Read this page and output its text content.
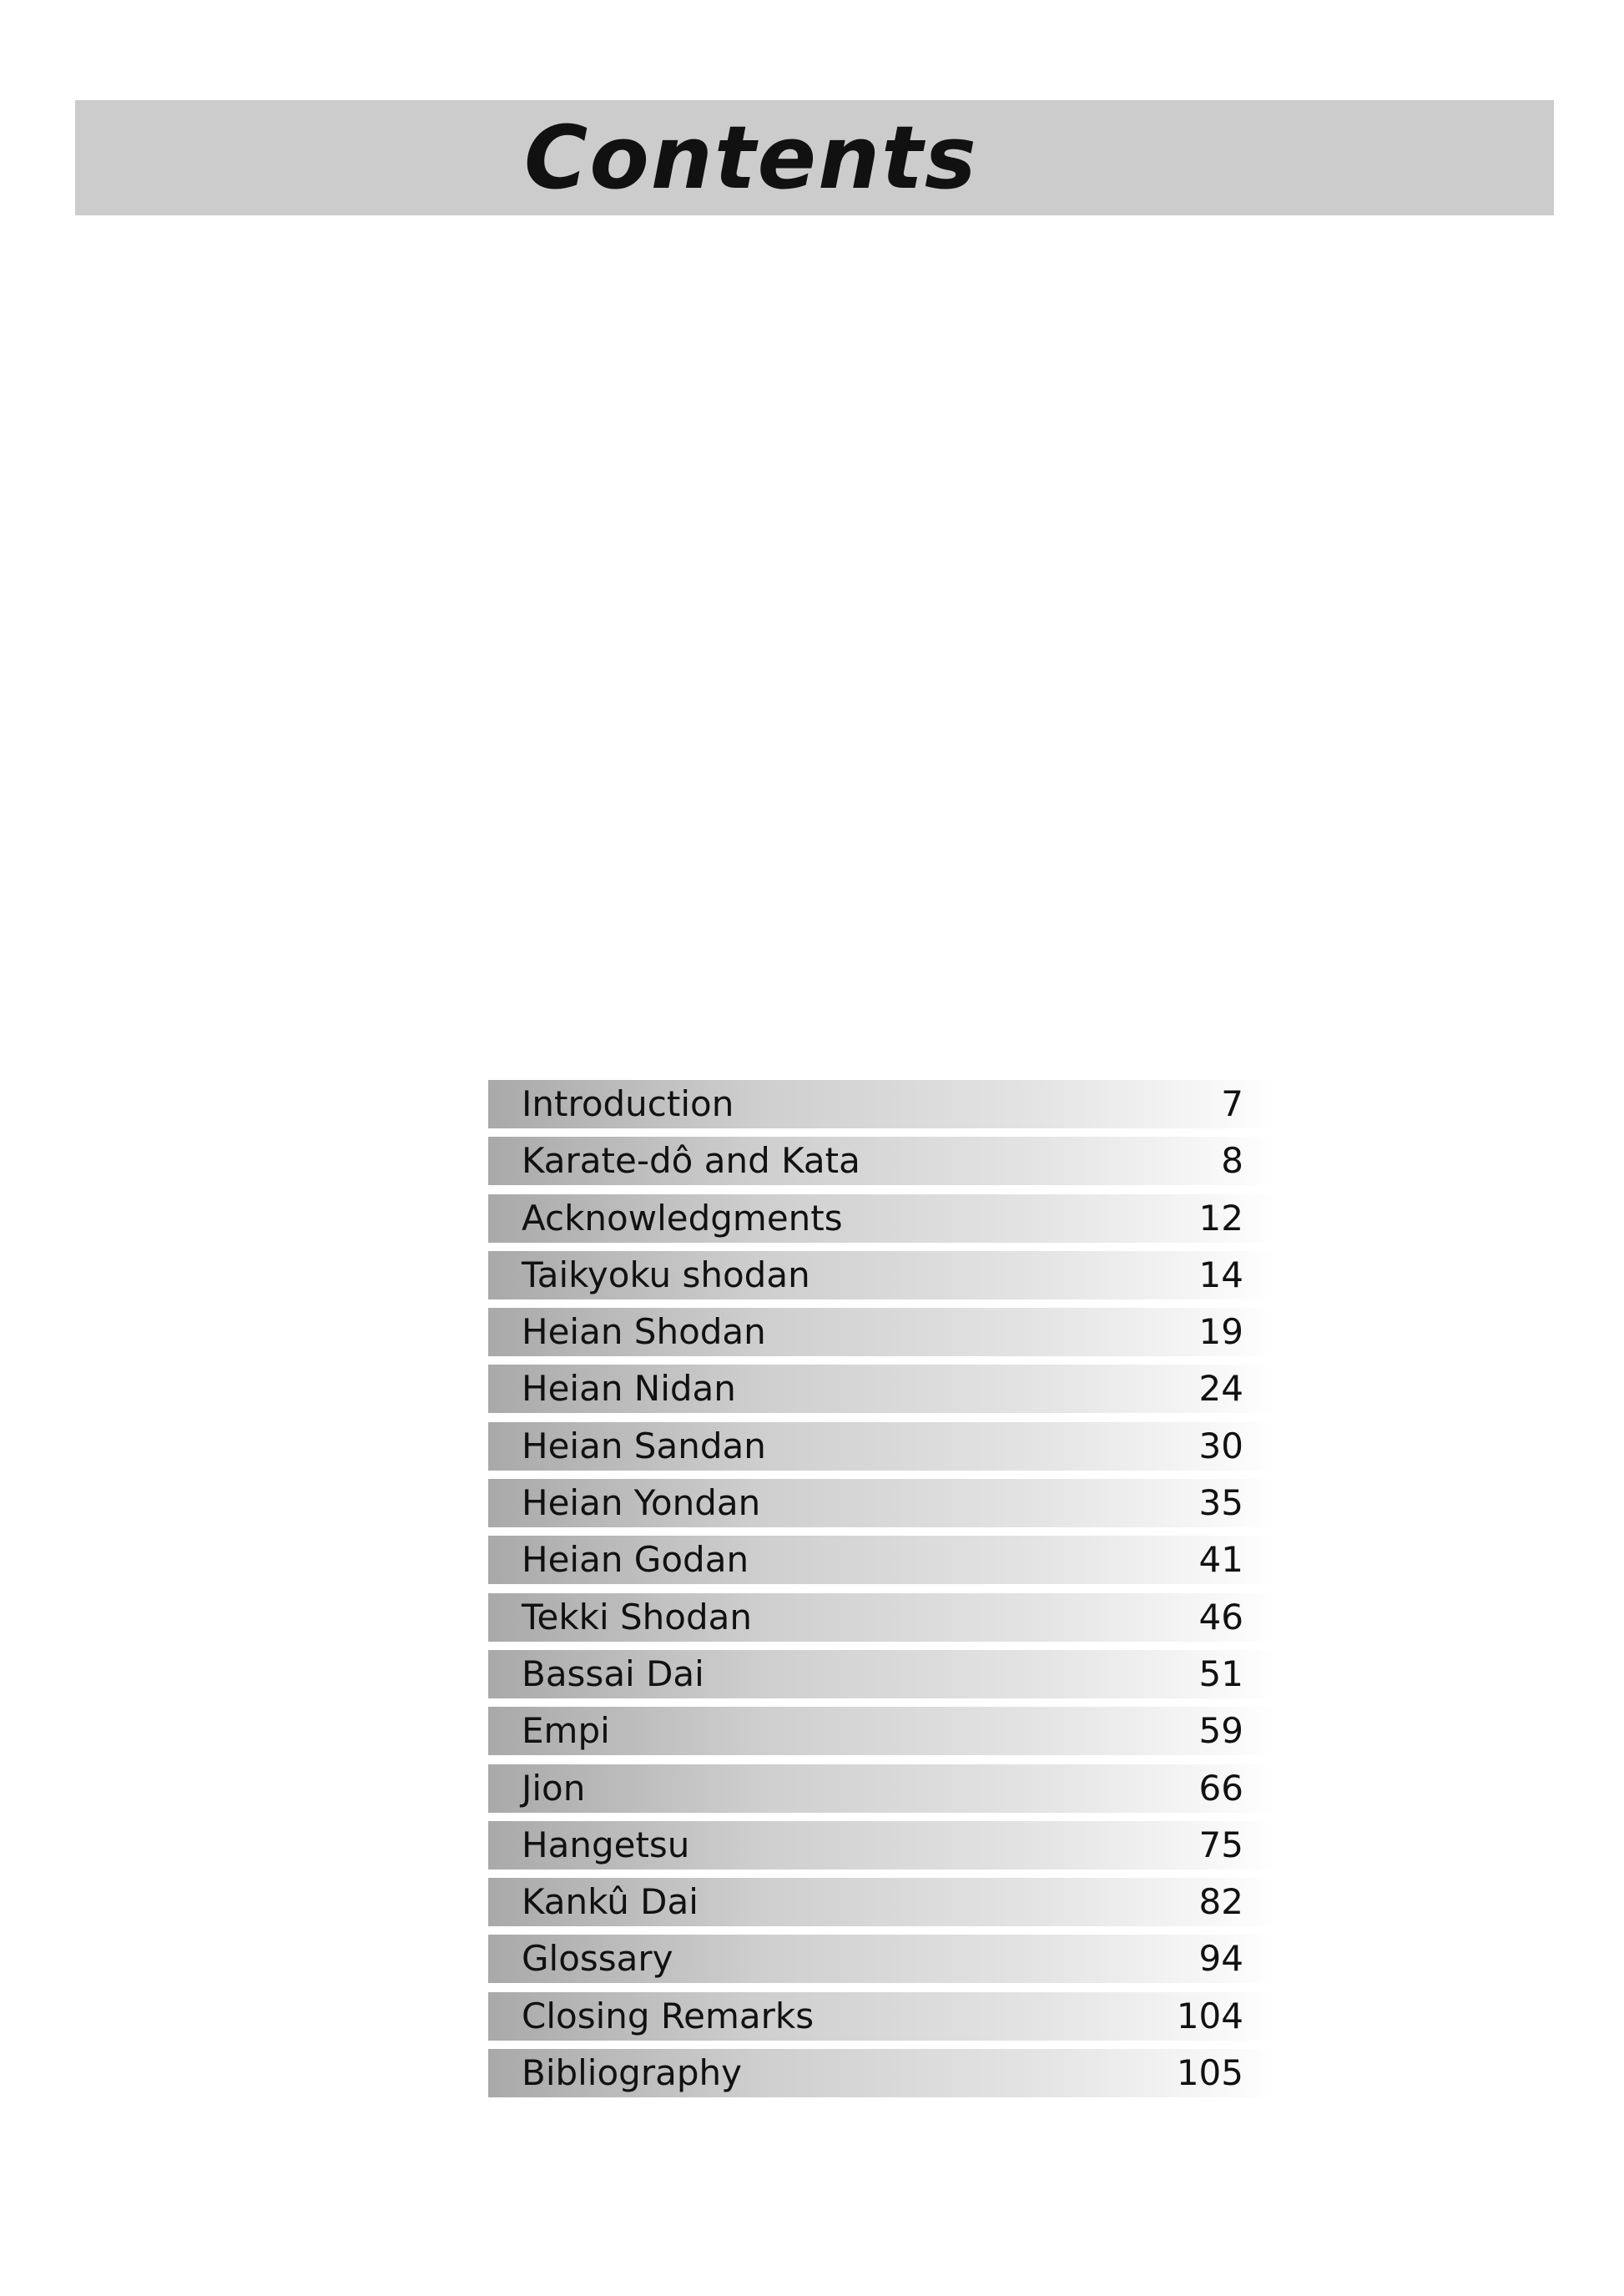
Contents
Introduction	7
Karate-dô and Kata	8
Acknowledgments	12
Taikyoku shodan	14
Heian Shodan	19
Heian Nidan	24
Heian Sandan	30
Heian Yondan	35
Heian Godan	41
Tekki Shodan	46
Bassai Dai	51
Empi	59
Jion	66
Hangetsu	75
Kankû Dai	82
Glossary	94
Closing Remarks	104
Bibliography	105
